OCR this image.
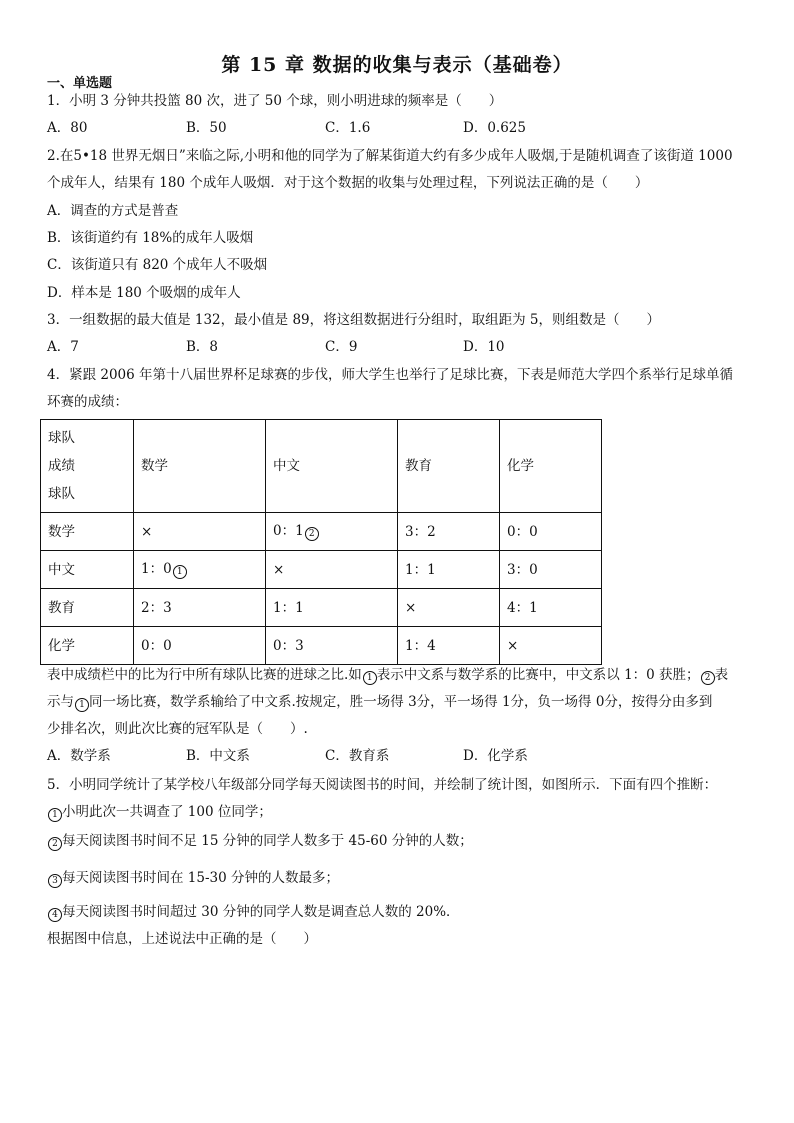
第 15 章 数据的收集与表示（基础卷）
一、单选题
1．小明 3 分钟共投篮 80 次，进了 50 个球，则小明进球的频率是（　　）
A．80	B．50	C．1.6	D．0.625
2.在5•18 世界无烟日”来临之际,小明和他的同学为了解某街道大约有多少成年人吸烟,于是随机调查了该街道 1000
个成年人，结果有 180 个成年人吸烟．对于这个数据的收集与处理过程，下列说法正确的是（　　）
A．调查的方式是普查
B．该街道约有 18%的成年人吸烟
C．该街道只有 820 个成年人不吸烟
D．样本是 180 个吸烟的成年人
3．一组数据的最大值是 132，最小值是 89，将这组数据进行分组时，取组距为 5，则组数是（　　）
A．7	B．8	C．9	D．10
4．紧跟 2006 年第十八届世界杯足球赛的步伐，师大学生也举行了足球比赛，下表是师范大学四个系举行足球单循
环赛的成绩：
球队
成绩
球队	数学	中文	教育	化学
数学	×	0：1 2	3：2	0：0
中文	1：0 1	×	1：1	3：0
教育	2：3	1：1	×	4：1
化学	0：0	0：3	1：4	×
表中成绩栏中的比为行中所有球队比赛的进球之比.如 1 表示中文系与数学系的比赛中，中文系以 1：0 获胜； 2 表
示与 1 同一场比赛，数学系输给了中文系.按规定，胜一场得 3分，平一场得 1分，负一场得 0分，按得分由多到
少排名次，则此次比赛的冠军队是（　　）.
A．数学系	B．中文系	C．教育系	D．化学系
5．小明同学统计了某学校八年级部分同学每天阅读图书的时间，并绘制了统计图，如图所示．下面有四个推断：
1 小明此次一共调查了 100 位同学；
2 每天阅读图书时间不足 15 分钟的同学人数多于 45-60 分钟的人数；
3 每天阅读图书时间在 15-30 分钟的人数最多；
4 每天阅读图书时间超过 30 分钟的同学人数是调查总人数的 20%．
根据图中信息，上述说法中正确的是（　　）
